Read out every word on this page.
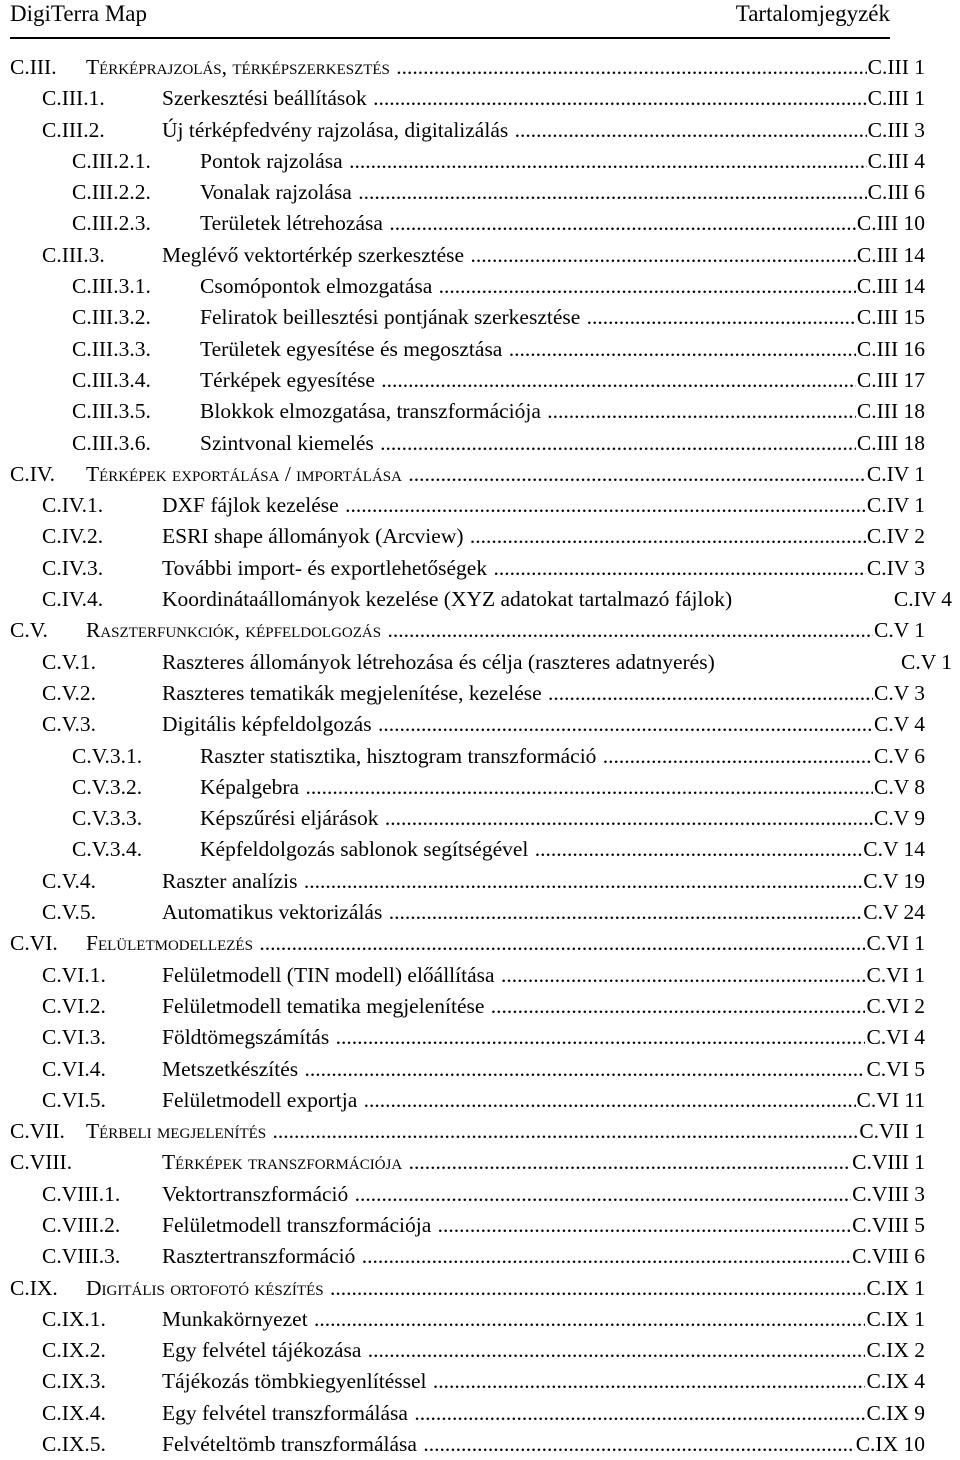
DigiTerra Map	Tartalomjegyzék
C.III. Térképrajzolás, térképszerkesztés .....	C.III 1
C.III.1.	Szerkesztési beállítások .....	C.III 1
C.III.2.	Új térképfedvény rajzolása, digitalizálás .....	C.III 3
C.III.2.1. Pontok rajzolása .....	C.III 4
C.III.2.2. Vonalak rajzolása .....	C.III 6
C.III.2.3. Területek létrehozása .....	C.III 10
C.III.3.	Meglévő vektortérkép szerkesztése .....	C.III 14
C.III.3.1. Csomópontok elmozgatása .....	C.III 14
C.III.3.2. Feliratok beillesztési pontjának szerkesztése .....	C.III 15
C.III.3.3. Területek egyesítése és megosztása .....	C.III 16
C.III.3.4. Térképek egyesítése .....	C.III 17
C.III.3.5. Blokkok elmozgatása, transzformációja .....	C.III 18
C.III.3.6. Szintvonal kiemelés .....	C.III 18
C.IV. Térképek exportálása / importálása .....	C.IV 1
C.IV.1.	DXF fájlok kezelése .....	C.IV 1
C.IV.2.	ESRI shape állományok (Arcview) .....	C.IV 2
C.IV.3.	További import- és exportlehetőségek .....	C.IV 3
C.IV.4.	Koordinátaállományok kezelése (XYZ adatokat tartalmazó fájlok)	C.IV 4
C.V. Raszterfunkciók, képfeldolgozás .....	C.V 1
C.V.1.	Raszteres állományok létrehozása és célja (raszteres adatnyerés)	C.V 1
C.V.2.	Raszteres tematikák megjelenítése, kezelése .....	C.V 3
C.V.3.	Digitális képfeldolgozás .....	C.V 4
C.V.3.1.	Raszter statisztika, hisztogram transzformáció .....	C.V 6
C.V.3.2.	Képalgebra .....	C.V 8
C.V.3.3.	Képszűrési eljárások .....	C.V 9
C.V.3.4.	Képfeldolgozás sablonok segítségével .....	C.V 14
C.V.4.	Raszter analízis .....	C.V 19
C.V.5.	Automatikus vektorizálás .....	C.V 24
C.VI. Felületmodellezés .....	C.VI 1
C.VI.1.	Felületmodell (TIN modell) előállítása .....	C.VI 1
C.VI.2.	Felületmodell tematika megjelenítése .....	C.VI 2
C.VI.3.	Földtömegszámítás .....	C.VI 4
C.VI.4.	Metszetkészítés .....	C.VI 5
C.VI.5.	Felületmodell exportja .....	C.VI 11
C.VII. Térbeli megjelenítés .....	C.VII 1
C.VIII.	Térképek transzformációja .....	C.VIII 1
C.VIII.1. Vektortranszformáció .....	C.VIII 3
C.VIII.2. Felületmodell transzformációja .....	C.VIII 5
C.VIII.3. Rasztertranszformáció .....	C.VIII 6
C.IX. Digitális ortofotó készítés .....	C.IX 1
C.IX.1.	Munkakörnyezet .....	C.IX 1
C.IX.2.	Egy felvétel tájékozása .....	C.IX 2
C.IX.3.	Tájékozás tömbkiegyenlítéssel .....	C.IX 4
C.IX.4.	Egy felvétel transzformálása .....	C.IX 9
C.IX.5.	Felvételtömb transzformálása .....	C.IX 10
